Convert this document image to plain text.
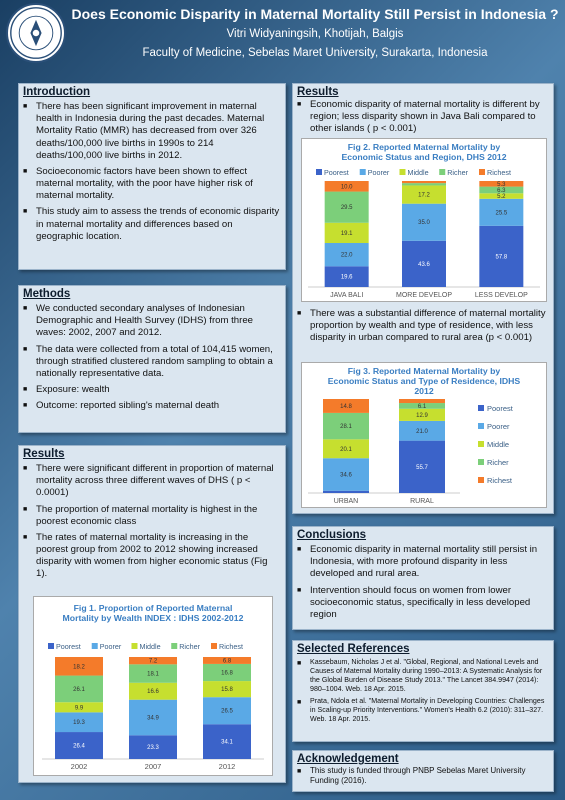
Does Economic Disparity in Maternal Mortality Still Persist in Indonesia ?
Vitri Widyaningsih, Khotijah, Balgis
Faculty of Medicine, Sebelas Maret University, Surakarta, Indonesia
Introduction
■ There has been significant improvement in maternal health in Indonesia during the past decades. Maternal Mortality Ratio (MMR) has decreased from over 326 deaths/100,000 live births in 1990s to 214 deaths/100,000 live births in 2012.
■ Socioeconomic factors have been shown to effect maternal mortality, with the poor have higher risk of maternal mortality.
■ This study aim to assess the trends of economic disparity in maternal mortality and differences based on geographic location.
Methods
■ We conducted secondary analyses of Indonesian Demographic and Health Survey (IDHS) from three waves: 2002, 2007 and 2012.
■ The data were collected from a total of 104,415 women, through stratified clustered random sampling to obtain a nationally representative data.
■ Exposure: wealth
■ Outcome: reported sibling's maternal death
Results
■ There were significant different in proportion of maternal mortality across three different waves of DHS ( p < 0.0001)
■ The proportion of maternal mortality is highest in the poorest economic class
■ The rates of maternal mortality is increasing in the poorest group from 2002 to 2012 showing increased disparity with women from higher economic status (Fig 1).
Fig 1. Proportion of Reported Maternal Mortality by Wealth INDEX : IDHS 2002-2012
Poorest	Poorer	Middle	Richer	Richest
26.4
19.3
9.9
26.1
18.2
2002
23.3
34.9
16.6
18.1
7.2
2007
34.1
26.5
15.8
16.8
6.8
2012
Results
■ Economic disparity of maternal mortality is different by region; less disparity shown in Java Bali compared to other islands ( p < 0.001)
Fig 2. Reported Maternal Mortality by Economic Status and Region, DHS 2012
Poorest	Poorer	Middle	Richer	Richest
19.6
22.0
19.1
29.5
10.0
JAVA BALI
43.6
35.0
17.2
MORE DEVELOP
57.8
25.5
5.2
6.3
5.3
LESS DEVELOP
■ There was a substantial difference of maternal mortality proportion by wealth and type of residence, with less disparity in urban compared to rural area (p < 0.001)
Fig 3. Reported Maternal Mortality by Economic Status and Type of Residence, IDHS 2012
Poorest
Poorer
Middle
Richer
Richest
34.6
20.1
28.1
14.8
URBAN
55.7
21.0
12.9
6.1
RURAL
Conclusions
■ Economic disparity in maternal mortality still persist in Indonesia, with more profound disparity in less developed and rural area.
■ Intervention should focus on women from lower socioeconomic status, specifically in less developed region
Selected References
■ Kassebaum, Nicholas J et al. "Global, Regional, and National Levels and Causes of Maternal Mortality during 1990–2013: A Systematic Analysis for the Global Burden of Disease Study 2013." The Lancet 384.9947 (2014): 980–1004. Web. 18 Apr. 2015.
■ Prata, Ndola et al. "Maternal Mortality in Developing Countries: Challenges in Scaling-up Priority Interventions." Women's Health 6.2 (2010): 311–327. Web. 18 Apr. 2015.
Acknowledgement
■ This study is funded through PNBP Sebelas Maret University Funding (2016).
